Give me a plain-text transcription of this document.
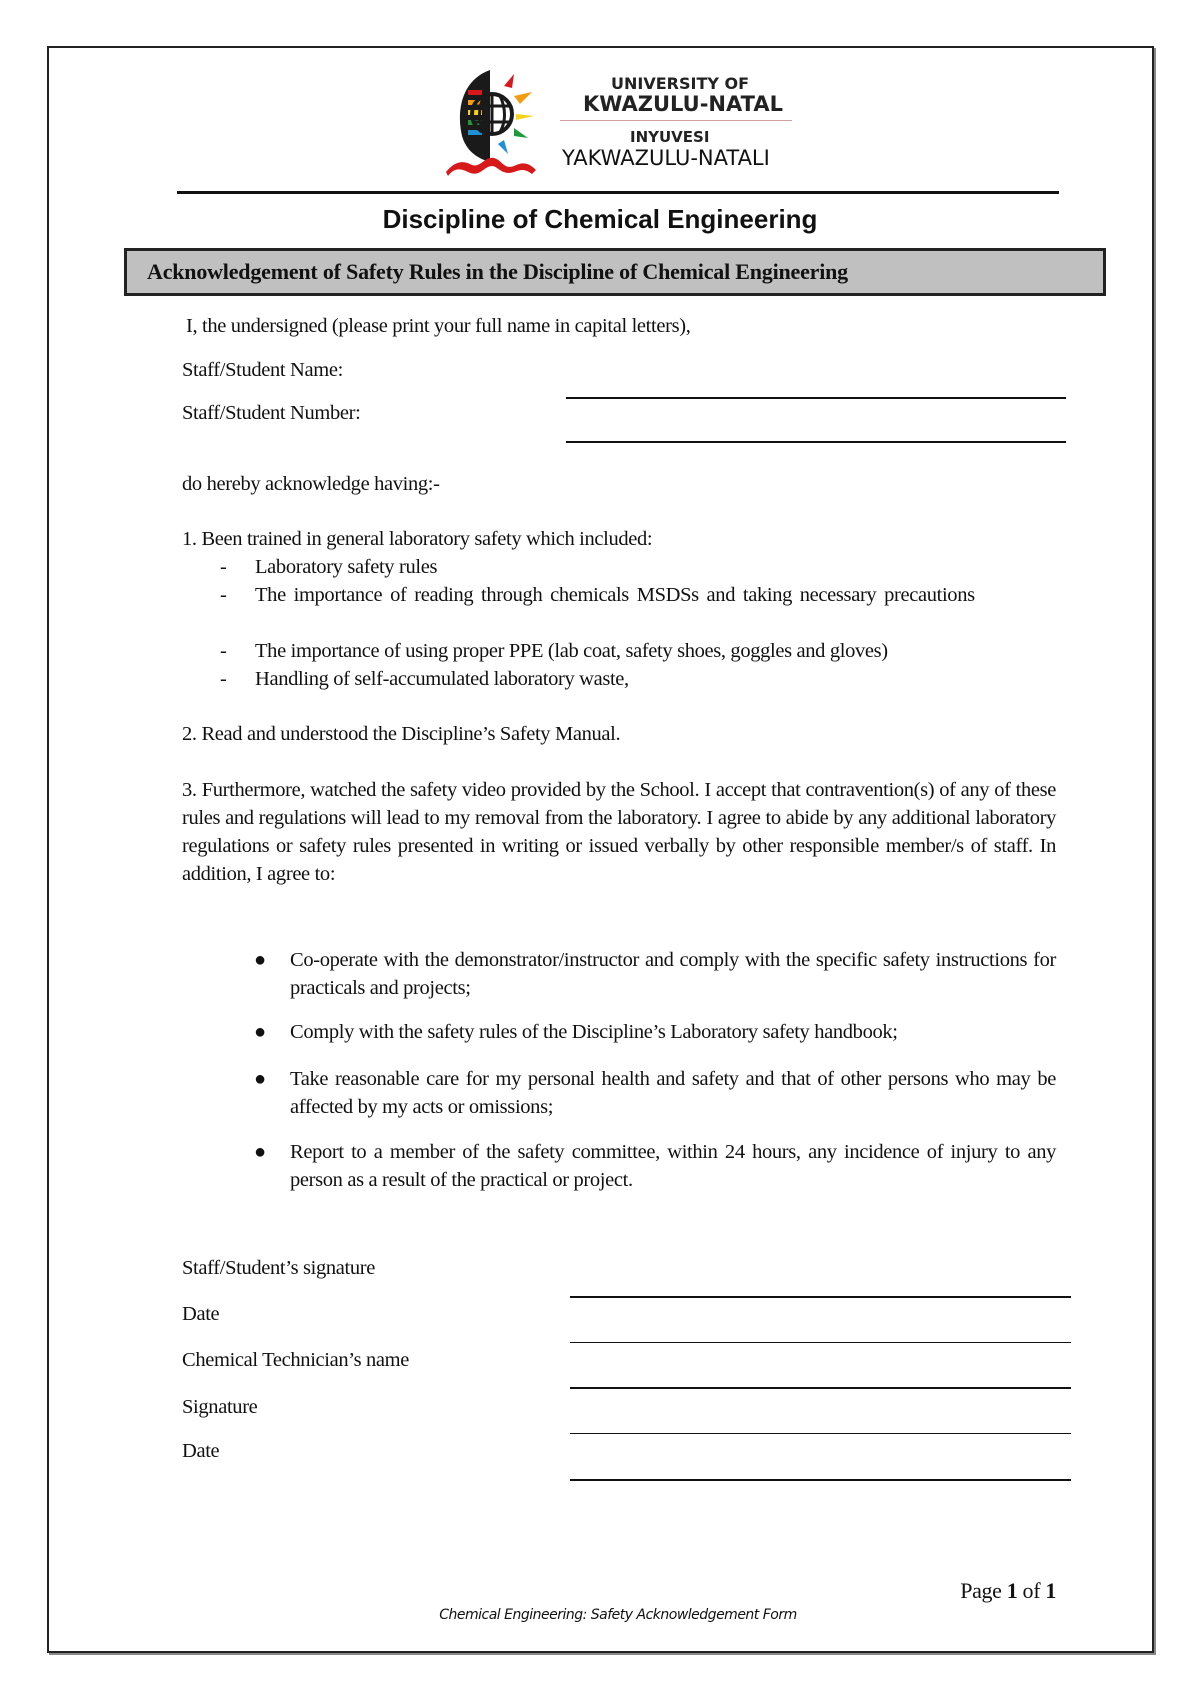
UNIVERSITY OF
KWAZULU-NATAL
INYUVESI
YAKWAZULU-NATALI
Discipline of Chemical Engineering
Acknowledgement of Safety Rules in the Discipline of Chemical Engineering
I, the undersigned (please print your full name in capital letters),
Staff/Student Name:
Staff/Student Number:
do hereby acknowledge having:-
1. Been trained in general laboratory safety which included:
- Laboratory safety rules
- The importance of reading through chemicals MSDSs and taking necessary precautions
- The importance of using proper PPE (lab coat, safety shoes, goggles and gloves)
- Handling of self-accumulated laboratory waste,
2. Read and understood the Discipline’s Safety Manual.
3. Furthermore, watched the safety video provided by the School. I accept that contravention(s) of any of these rules and regulations will lead to my removal from the laboratory. I agree to abide by any additional laboratory regulations or safety rules presented in writing or issued verbally by other responsible member/s of staff. In addition, I agree to:
● Co-operate with the demonstrator/instructor and comply with the specific safety instructions for practicals and projects;
● Comply with the safety rules of the Discipline’s Laboratory safety handbook;
● Take reasonable care for my personal health and safety and that of other persons who may be affected by my acts or omissions;
● Report to a member of the safety committee, within 24 hours, any incidence of injury to any person as a result of the practical or project.
Staff/Student’s signature
Date
Chemical Technician’s name
Signature
Date
Page 1 of 1
Chemical Engineering: Safety Acknowledgement Form
